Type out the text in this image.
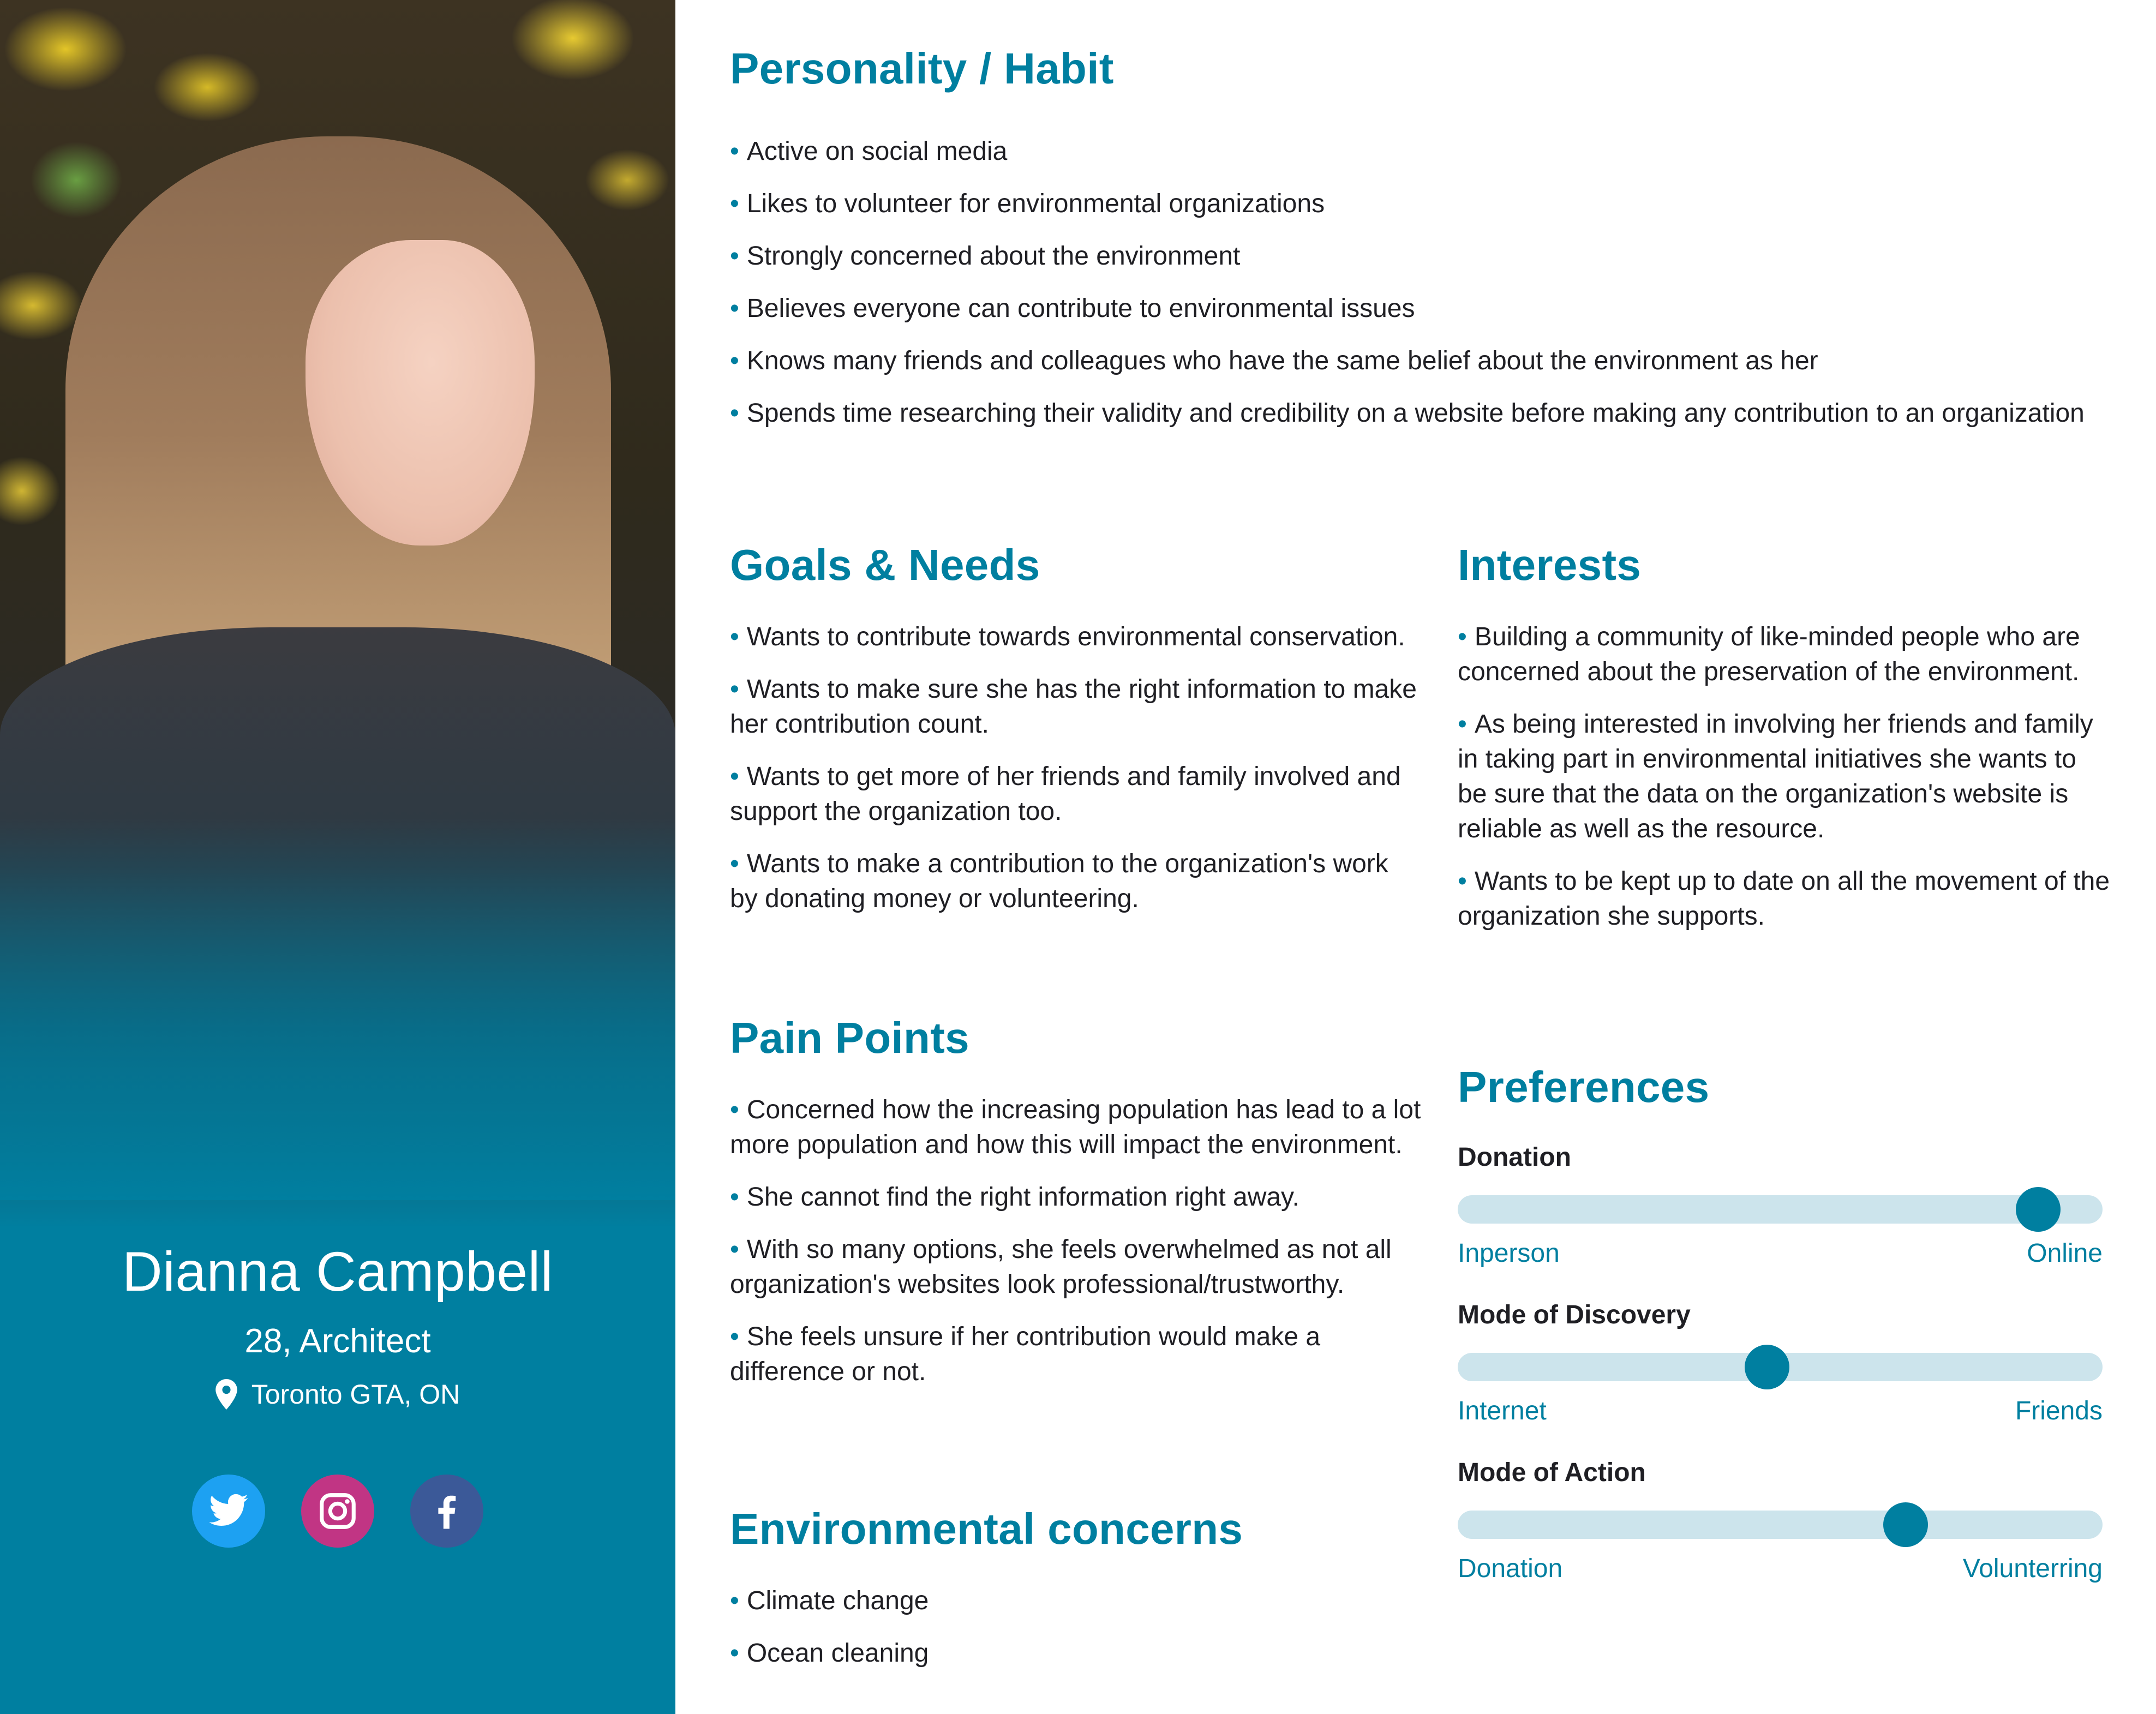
Dianna Campbell
28, Architect
Toronto GTA, ON
Personality / Habit
• Active on social media
• Likes to volunteer for environmental organizations
• Strongly concerned about the environment
• Believes everyone can contribute to environmental issues
• Knows many friends and colleagues who have the same belief about the environment as her
• Spends time researching their validity and credibility on a website before making any contribution to an organization
Goals & Needs
• Wants to contribute towards environmental conservation.
• Wants to make sure she has the right information to make her contribution count.
• Wants to get more of her friends and family involved and support the organization too.
• Wants to make a contribution to the organization's work by donating money or volunteering.
Pain Points
• Concerned how the increasing population has lead to a lot more population and how this will impact the environment.
• She cannot find the right information right away.
• With so many options, she feels overwhelmed as not all organization's websites look professional/trustworthy.
• She feels unsure if her contribution would make a difference or not.
Environmental concerns
• Climate change
• Ocean cleaning
Interests
• Building a community of like-minded people who are concerned about the preservation of the environment.
• As being interested in involving her friends and family in taking part in environmental initiatives she wants to be sure that the data on the organization's website is reliable as well as the resource.
• Wants to be kept up to date on all the movement of the organization she supports.
Preferences
Donation
Inperson	Online
Mode of Discovery
Internet	Friends
Mode of Action
Donation	Volunterring
